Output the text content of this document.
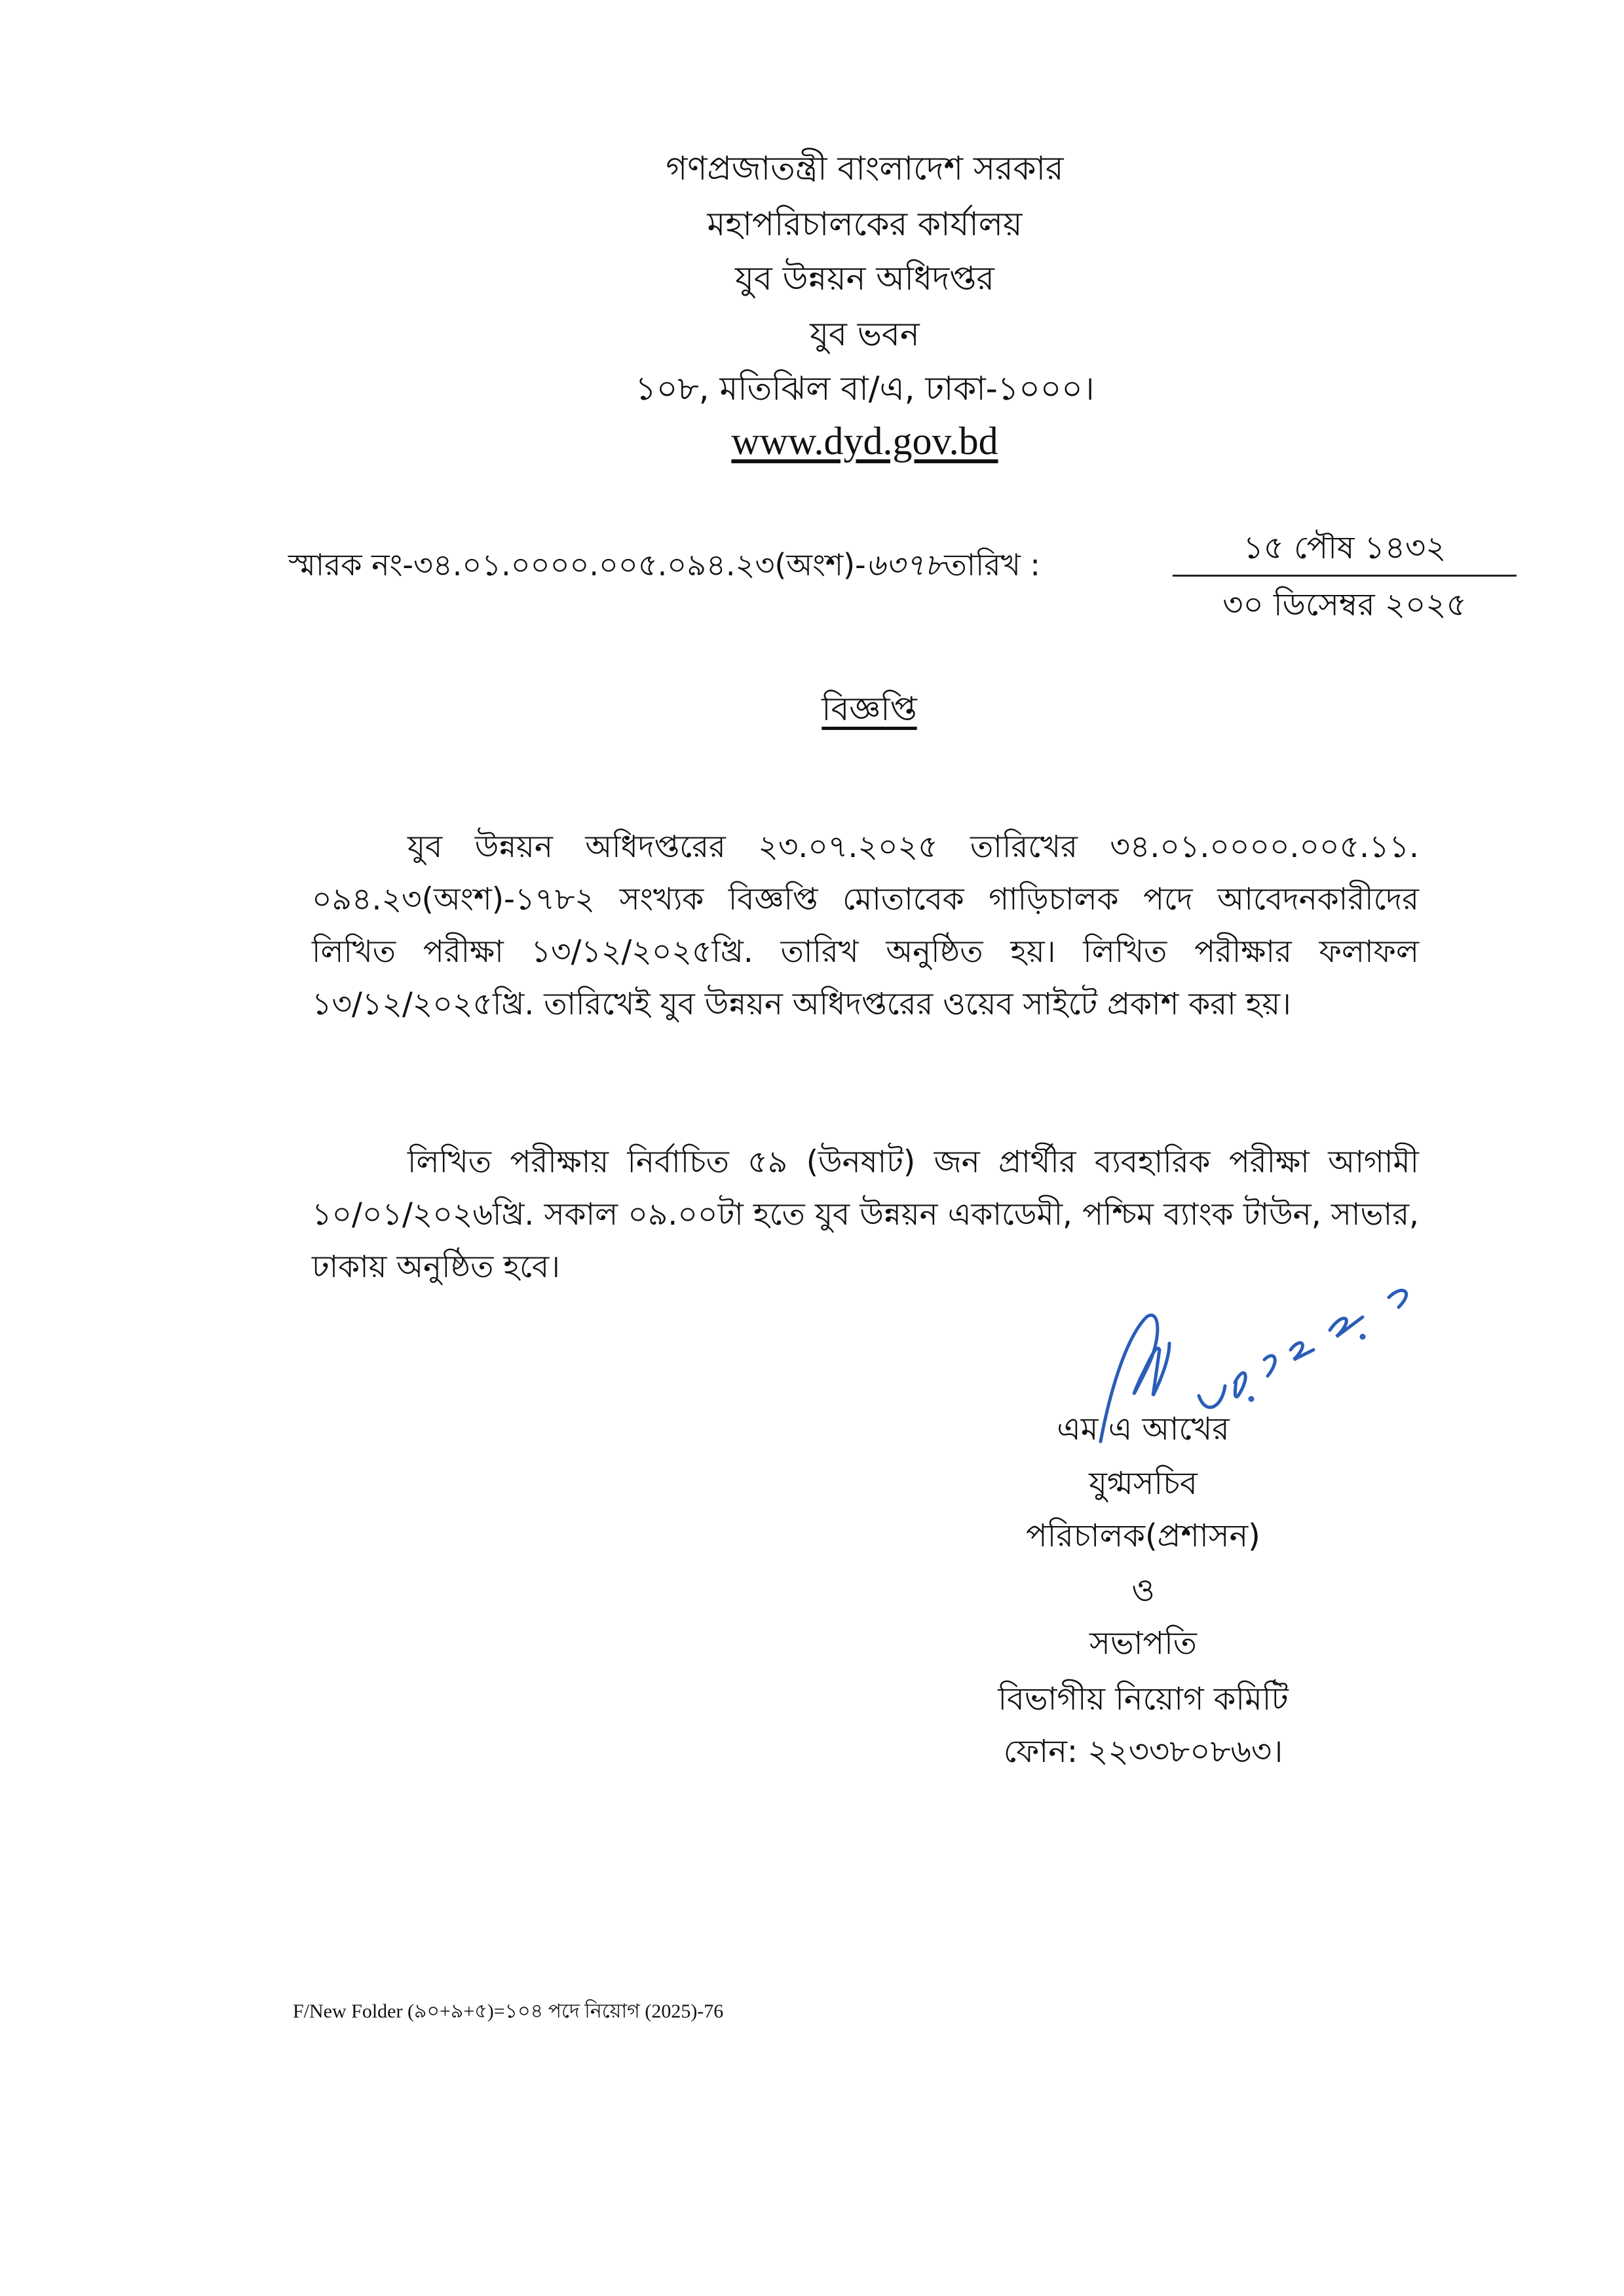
গণপ্রজাতন্ত্রী বাংলাদেশ সরকার
মহাপরিচালকের কার্যালয়
যুব উন্নয়ন অধিদপ্তর
যুব ভবন
১০৮, মতিঝিল বা/এ, ঢাকা-১০০০।
www.dyd.gov.bd
স্মারক নং-৩৪.০১.০০০০.০০৫.০৯৪.২৩(অংশ)-৬৩৭৮তারিখ :	১৫ পৌষ ১৪৩২
৩০ ডিসেম্বর ২০২৫
বিজ্ঞপ্তি
যুব উন্নয়ন অধিদপ্তরের ২৩.০৭.২০২৫ তারিখের ৩৪.০১.০০০০.০০৫.১১. ০৯৪.২৩(অংশ)-১৭৮২ সংখ্যক বিজ্ঞপ্তি মোতাবেক গাড়িচালক পদে আবেদনকারীদের লিখিত পরীক্ষা ১৩/১২/২০২৫খ্রি. তারিখ অনুষ্ঠিত হয়। লিখিত পরীক্ষার ফলাফল ১৩/১২/২০২৫খ্রি. তারিখেই যুব উন্নয়ন অধিদপ্তরের ওয়েব সাইটে প্রকাশ করা হয়।
লিখিত পরীক্ষায় নির্বাচিত ৫৯ (উনষাট) জন প্রার্থীর ব্যবহারিক পরীক্ষা আগামী ১০/০১/২০২৬খ্রি. সকাল ০৯.০০টা হতে যুব উন্নয়ন একাডেমী, পশ্চিম ব্যাংক টাউন, সাভার, ঢাকায় অনুষ্ঠিত হবে।
এম এ আখের
যুগ্মসচিব
পরিচালক(প্রশাসন)
ও
সভাপতি
বিভাগীয় নিয়োগ কমিটি
ফোন: ২২৩৩৮০৮৬৩।
F/New Folder (৯০+৯+৫)=১০৪ পদে নিয়োগ (2025)-76
